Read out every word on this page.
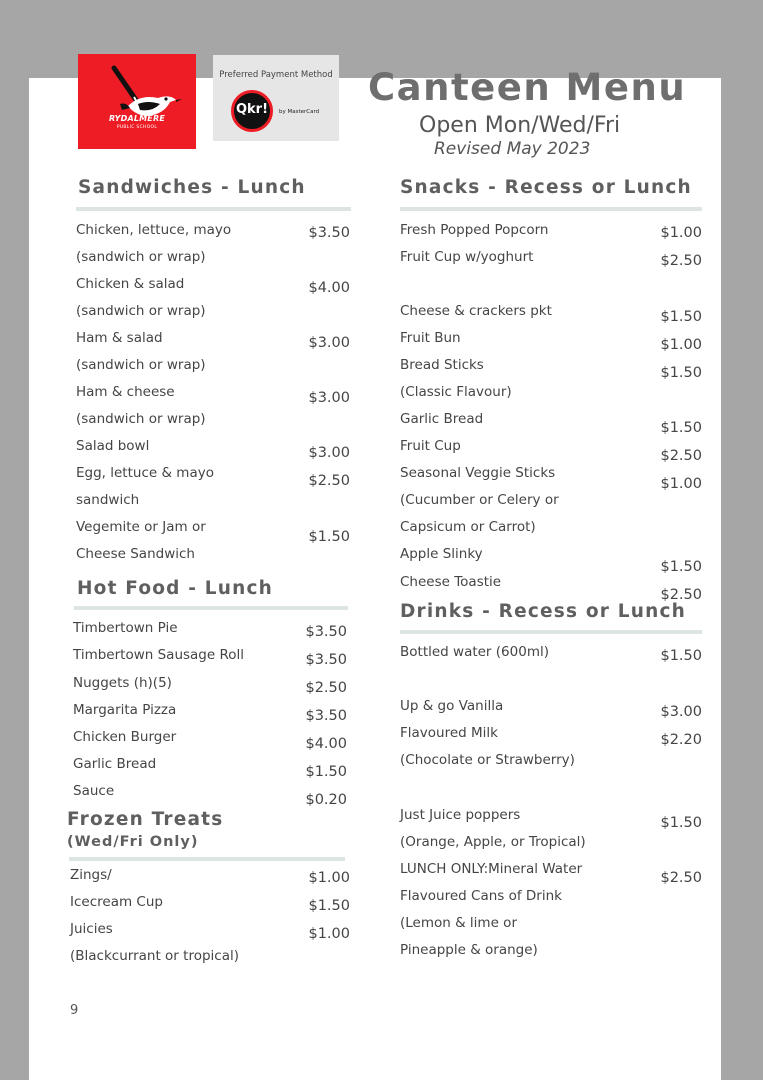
RYDALMERE
PUBLIC SCHOOL
Preferred Payment Method
Qkr!	by MasterCard
Canteen Menu
Open Mon/Wed/Fri
Revised May 2023
Sandwiches - Lunch
Chicken, lettuce, mayo
(sandwich or wrap)
Chicken & salad
(sandwich or wrap)
Ham & salad
(sandwich or wrap)
Ham & cheese
(sandwich or wrap)
Salad bowl
Egg, lettuce & mayo
sandwich
Vegemite or Jam or
Cheese Sandwich
$3.50
$4.00
$3.00
$3.00
$3.00
$2.50
$1.50
Hot Food - Lunch
Timbertown Pie
Timbertown Sausage Roll
Nuggets (h)(5)
Margarita Pizza
Chicken Burger
Garlic Bread
Sauce
$3.50
$3.50
$2.50
$3.50
$4.00
$1.50
$0.20
Frozen Treats
(Wed/Fri Only)
Zings/
Icecream Cup
Juicies
(Blackcurrant or tropical)
$1.00
$1.50
$1.00
Snacks - Recess or Lunch
Fresh Popped Popcorn
Fruit Cup w/yoghurt
Cheese & crackers pkt
Fruit Bun
Bread Sticks
(Classic Flavour)
Garlic Bread
Fruit Cup
Seasonal Veggie Sticks
(Cucumber or Celery or
Capsicum or Carrot)
Apple Slinky
Cheese Toastie
$1.00
$2.50
$1.50
$1.00
$1.50
$1.50
$2.50
$1.00
$1.50
$2.50
Drinks - Recess or Lunch
Bottled water (600ml)
Up & go Vanilla
Flavoured Milk
(Chocolate or Strawberry)
Just Juice poppers
(Orange, Apple, or Tropical)
LUNCH ONLY:Mineral Water
Flavoured Cans of Drink
(Lemon & lime or
Pineapple & orange)
$1.50
$3.00
$2.20
$1.50
$2.50
9
